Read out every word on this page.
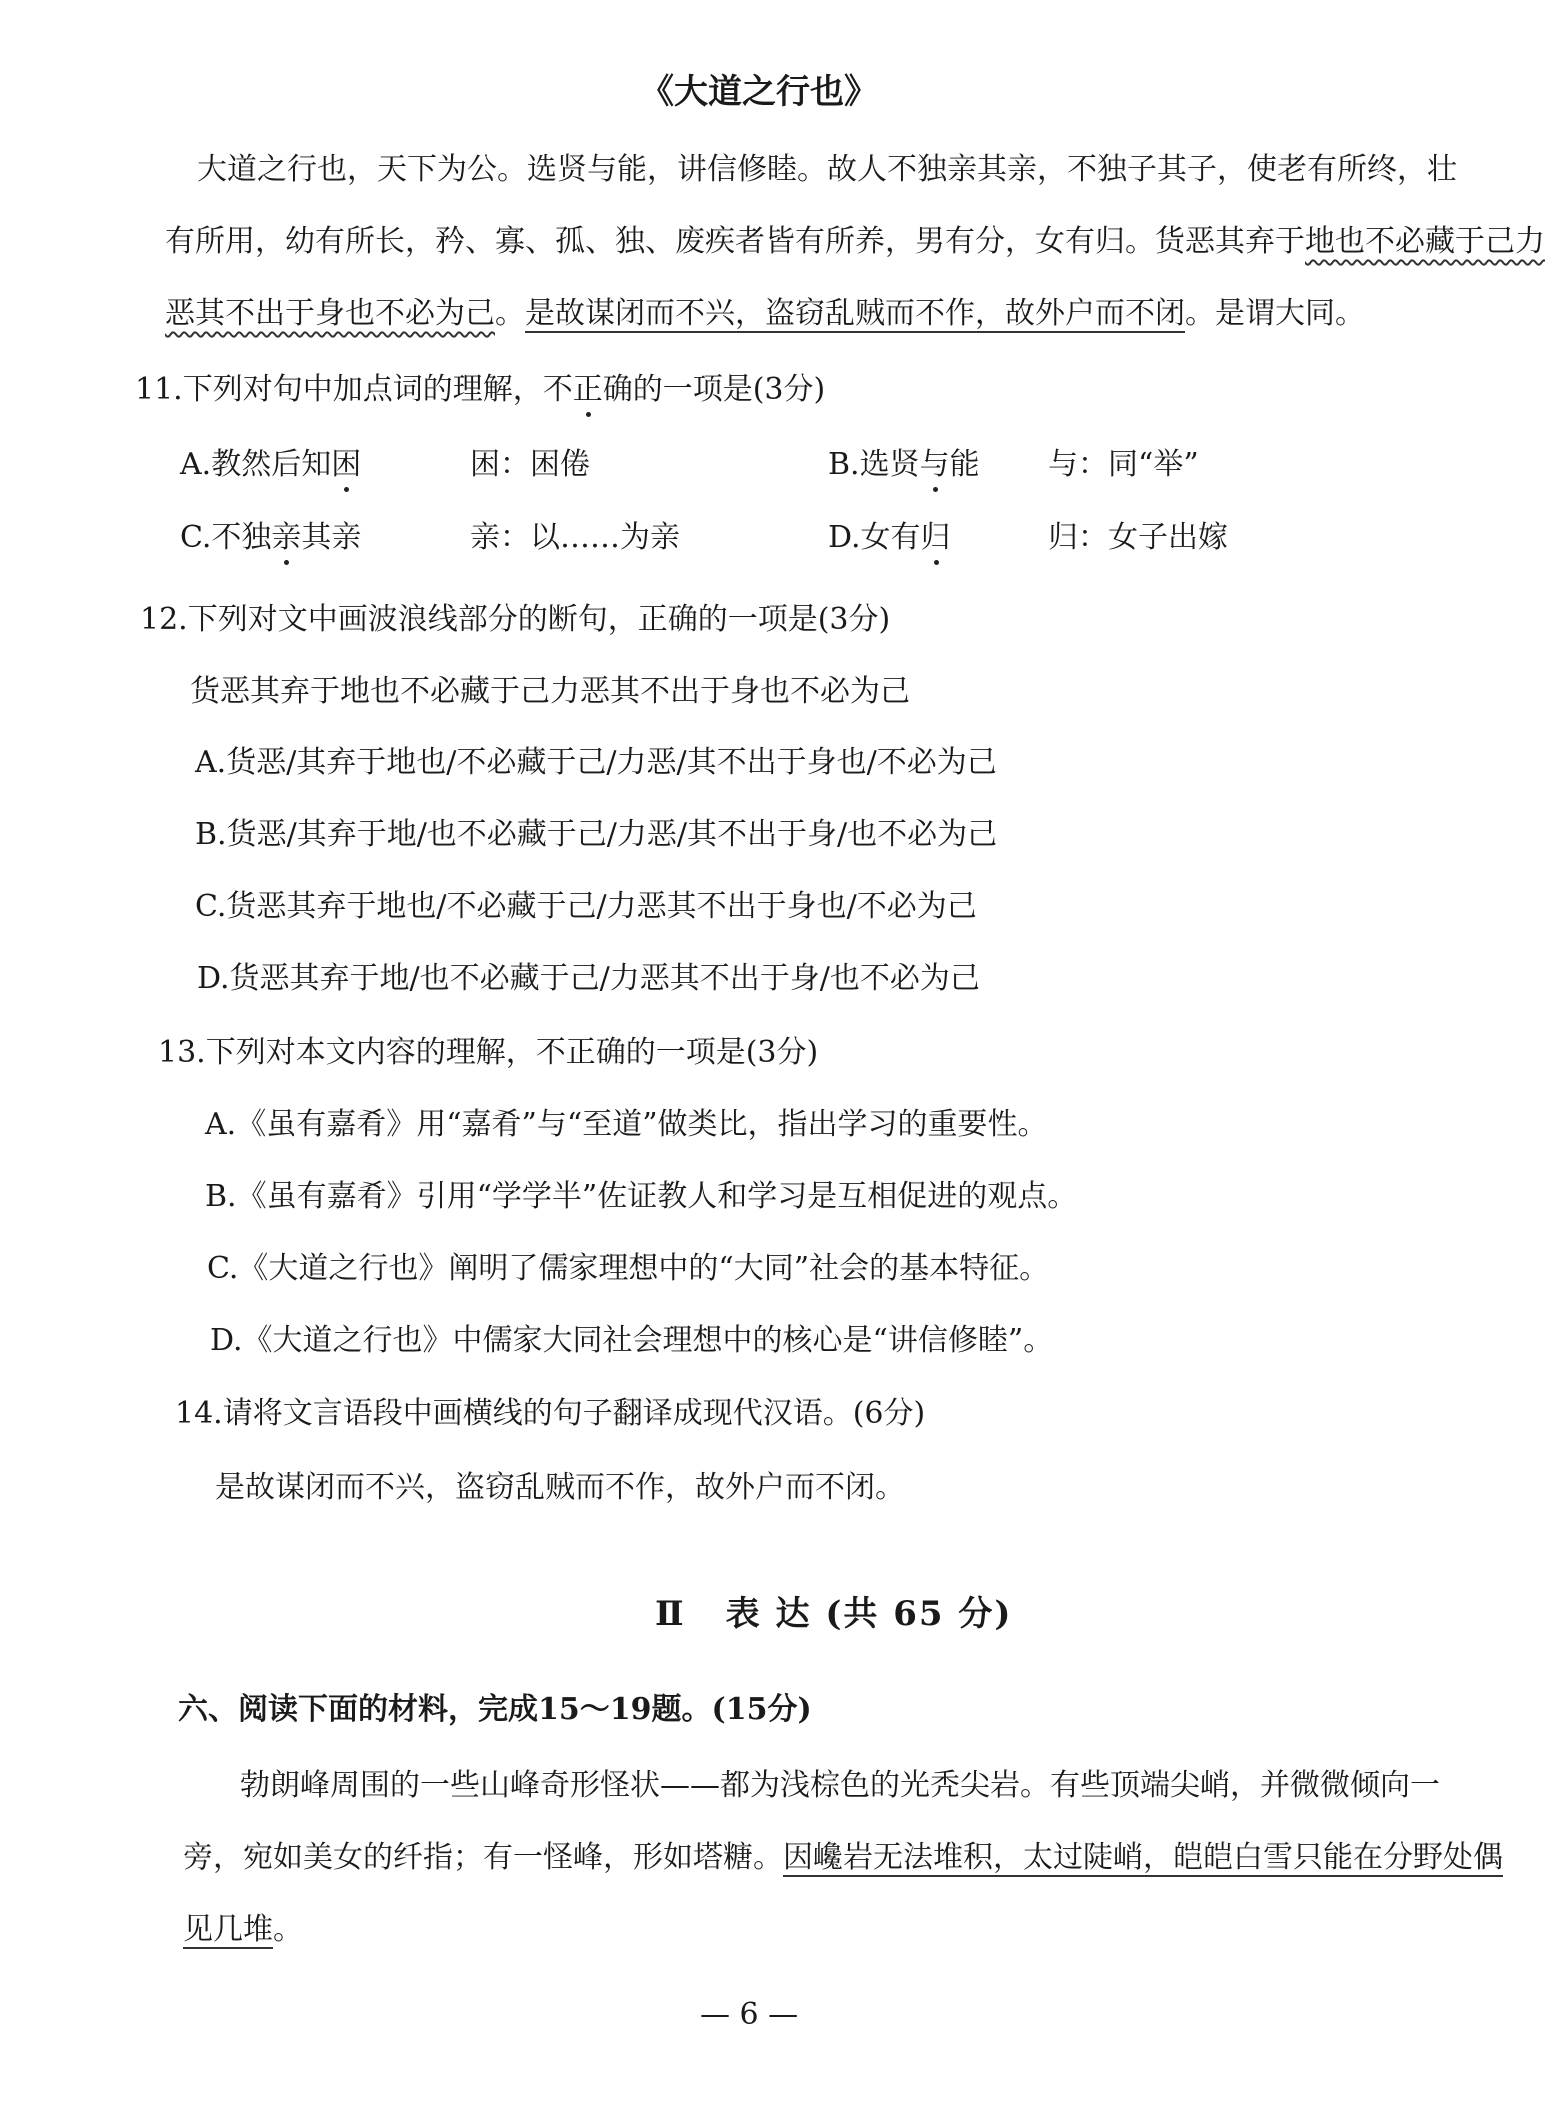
《大道之行也》
大道之行也，天下为公。选贤与能，讲信修睦。故人不独亲其亲，不独子其子，使老有所终，壮
有所用，幼有所长，矜、寡、孤、独、废疾者皆有所养，男有分，女有归。货恶其弃于地也不必藏于己力
恶其不出于身也不必为己。是故谋闭而不兴，盗窃乱贼而不作，故外户而不闭。是谓大同。
11.下列对句中加点词的理解，不正确的一项是(3分)
A.教然后知困	困：困倦	B.选贤与能 与：同“举”
C.不独亲其亲	亲：以……为亲	D.女有归	归：女子出嫁
12.下列对文中画波浪线部分的断句，正确的一项是(3分)
货恶其弃于地也不必藏于己力恶其不出于身也不必为己
A.货恶/其弃于地也/不必藏于己/力恶/其不出于身也/不必为己
B.货恶/其弃于地/也不必藏于己/力恶/其不出于身/也不必为己
C.货恶其弃于地也/不必藏于己/力恶其不出于身也/不必为己
D.货恶其弃于地/也不必藏于己/力恶其不出于身/也不必为己
13.下列对本文内容的理解，不正确的一项是(3分)
A.《虽有嘉肴》用“嘉肴”与“至道”做类比，指出学习的重要性。
B.《虽有嘉肴》引用“学学半”佐证教人和学习是互相促进的观点。
C.《大道之行也》阐明了儒家理想中的“大同”社会的基本特征。
D.《大道之行也》中儒家大同社会理想中的核心是“讲信修睦”。
14.请将文言语段中画横线的句子翻译成现代汉语。(6分)
是故谋闭而不兴，盗窃乱贼而不作，故外户而不闭。
Ⅱ 表 达 (共 65 分)
六、阅读下面的材料，完成15～19题。(15分)
勃朗峰周围的一些山峰奇形怪状——都为浅棕色的光秃尖岩。有些顶端尖峭，并微微倾向一
旁，宛如美女的纤指；有一怪峰，形如塔糖。因巉岩无法堆积，太过陡峭，皑皑白雪只能在分野处偶
见几堆。
— 6 —
